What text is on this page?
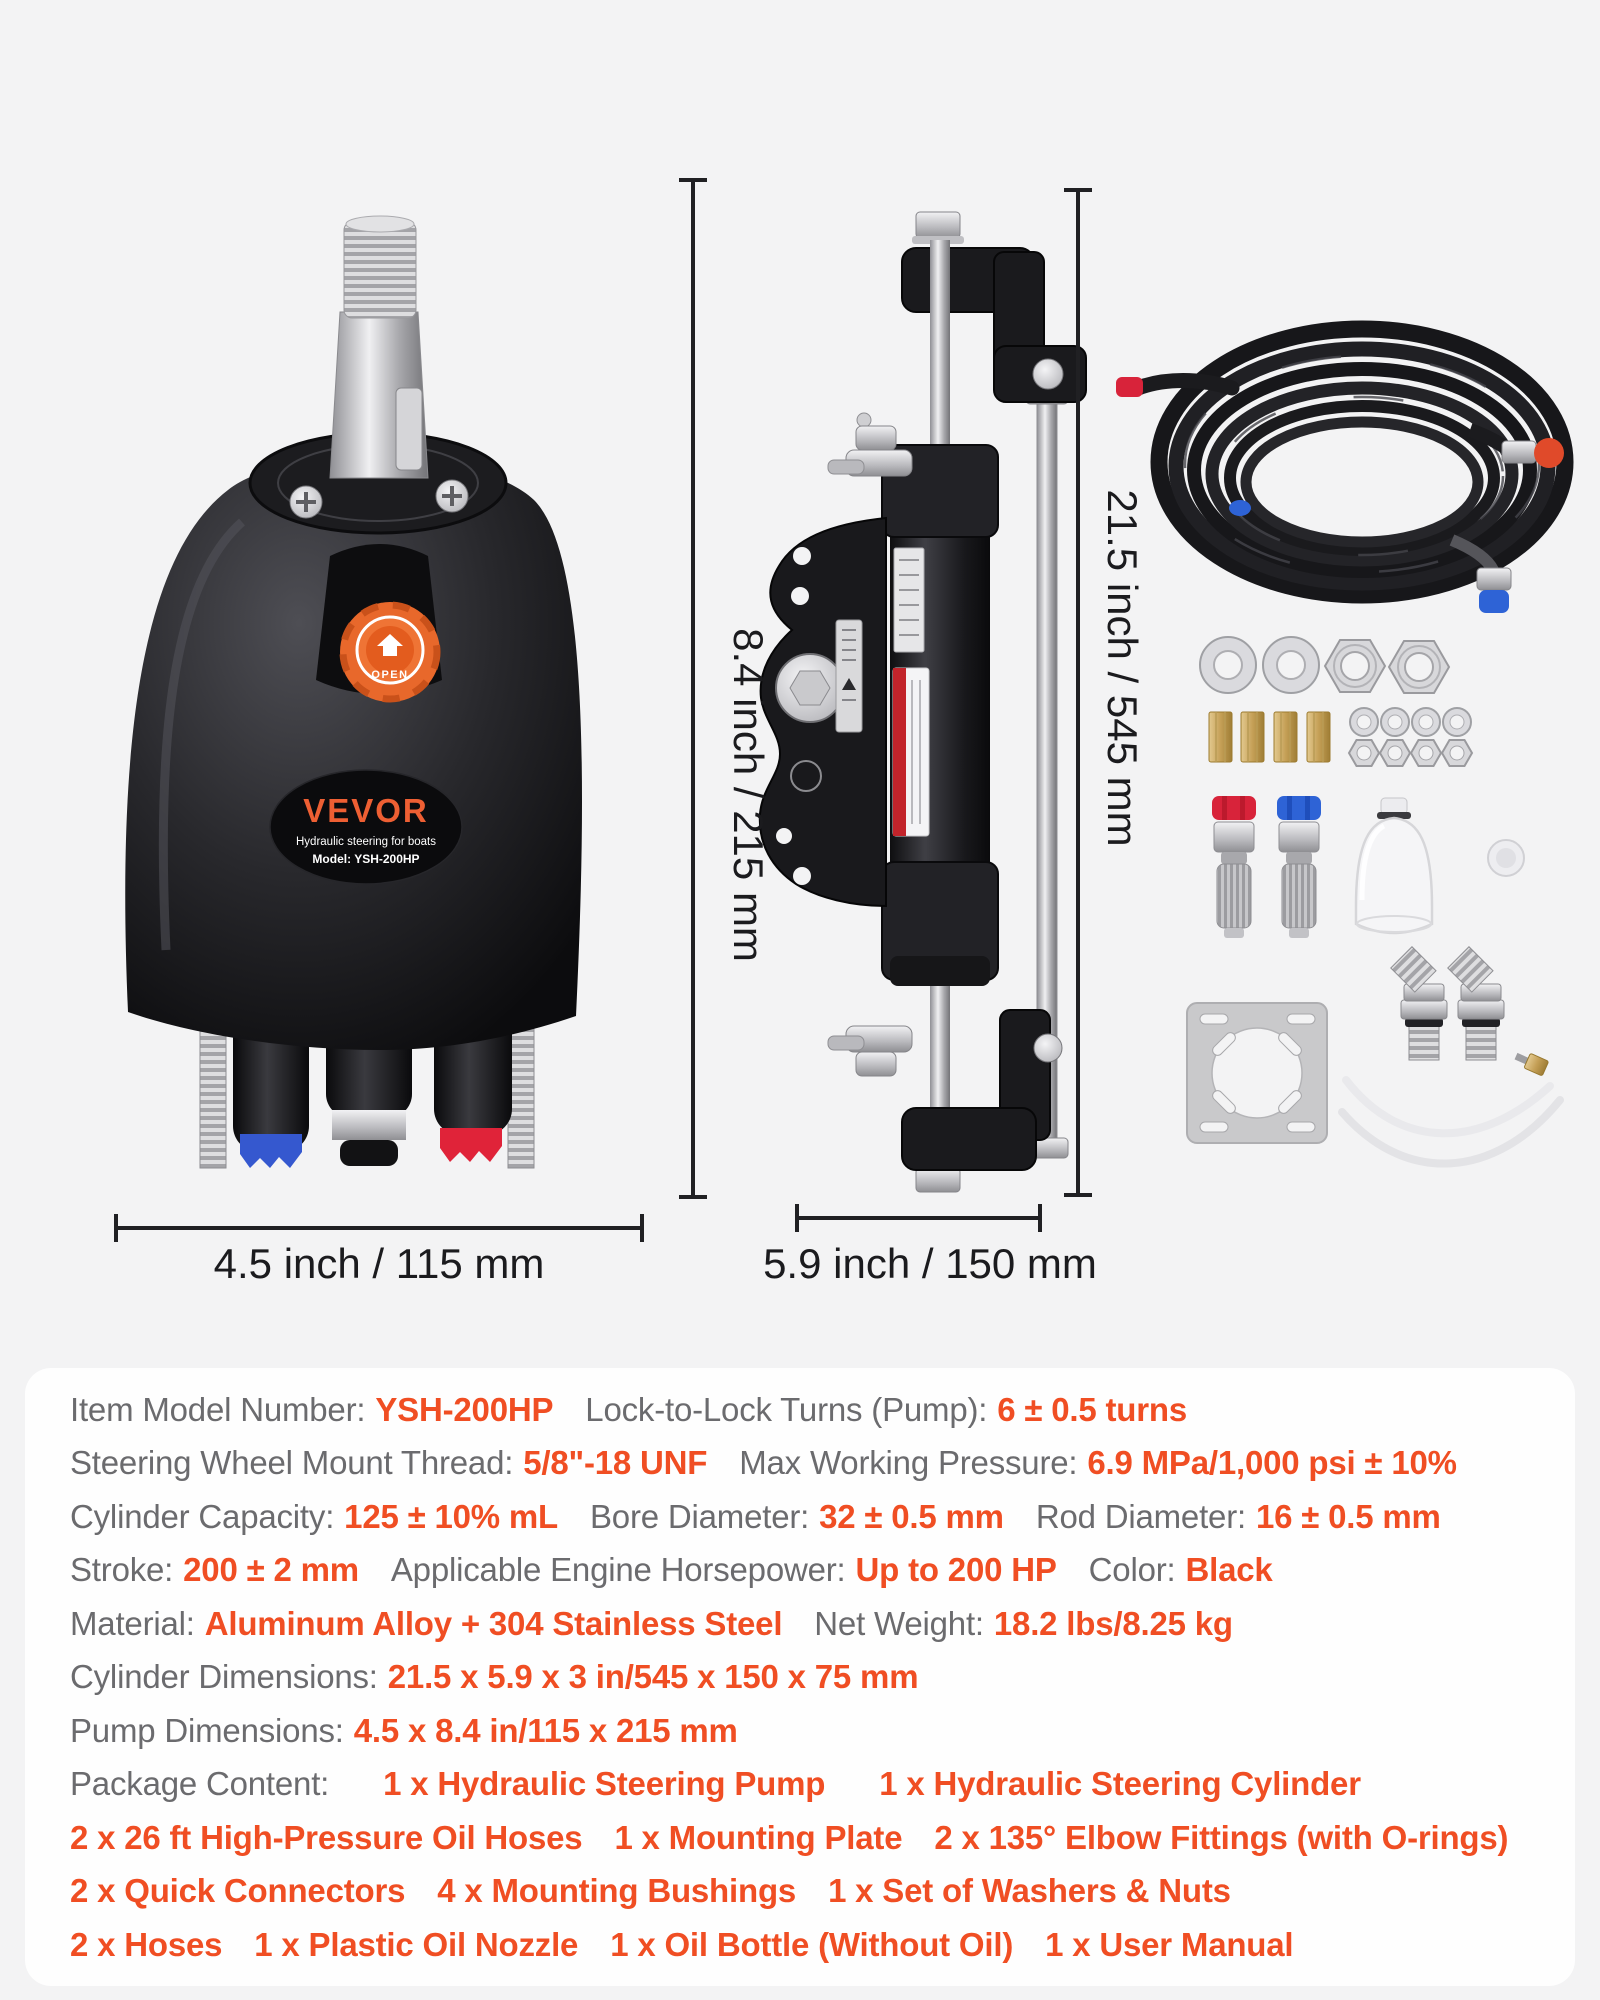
OPEN
VEVOR
Hydraulic steering for boats
Model: YSH-200HP
4.5 inch / 115 mm	5.9 inch / 150 mm
8.4 inch / 215 mm	21.5 inch / 545 mm
Item Model Number: YSH-200HP Lock-to-Lock Turns (Pump): 6 ± 0.5 turns
Steering Wheel Mount Thread: 5/8"-18 UNF Max Working Pressure: 6.9 MPa/1,000 psi ± 10%
Cylinder Capacity: 125 ± 10% mL Bore Diameter: 32 ± 0.5 mm Rod Diameter: 16 ± 0.5 mm
Stroke: 200 ± 2 mm Applicable Engine Horsepower: Up to 200 HP Color: Black
Material: Aluminum Alloy + 304 Stainless Steel Net Weight: 18.2 lbs/8.25 kg
Cylinder Dimensions: 21.5 x 5.9 x 3 in/545 x 150 x 75 mm
Pump Dimensions: 4.5 x 8.4 in/115 x 215 mm
Package Content: 1 x Hydraulic Steering Pump 1 x Hydraulic Steering Cylinder
2 x 26 ft High-Pressure Oil Hoses 1 x Mounting Plate 2 x 135° Elbow Fittings (with O-rings)
2 x Quick Connectors 4 x Mounting Bushings 1 x Set of Washers & Nuts
2 x Hoses 1 x Plastic Oil Nozzle 1 x Oil Bottle (Without Oil) 1 x User Manual
